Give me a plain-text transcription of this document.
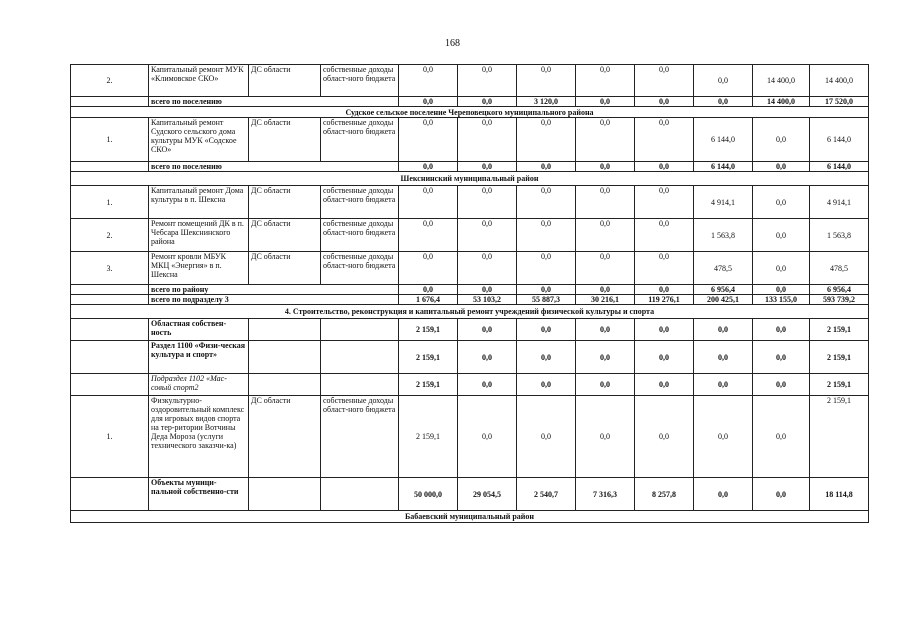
168
2.	Капитальный ремонт МУК «Климовское СКО»	ДС области	собственные доходы област-ного бюджета	0,0	0,0	0,0	0,0	0,0	0,0	14 400,0	14 400,0
	всего по поселению			0,0	0,0	3 120,0	0,0	0,0	0,0	14 400,0	17 520,0
Судское сельское поселение Череповецкого муниципального района											
1.	Капитальный ремонт Судского сельского дома культуры МУК «Содское СКО»	ДС области	собственные доходы област-ного бюджета	0,0	0,0	0,0	0,0	0,0	6 144,0	0,0	6 144,0
	всего по поселению			0,0	0,0	0,0	0,0	0,0	6 144,0	0,0	6 144,0
Шекснинский муниципальный район											
1.	Капитальный ремонт Дома культуры в п. Шексна	ДС области	собственные доходы област-ного бюджета	0,0	0,0	0,0	0,0	0,0	4 914,1	0,0	4 914,1
2.	Ремонт помещений ДК в п. Чебсара Шекснинского района	ДС области	собственные доходы област-ного бюджета	0,0	0,0	0,0	0,0	0,0	1 563,8	0,0	1 563,8
3.	Ремонт кровли МБУК МКЦ «Энергия» в п. Шексна	ДС области	собственные доходы област-ного бюджета	0,0	0,0	0,0	0,0	0,0	478,5	0,0	478,5
	всего по району			0,0	0,0	0,0	0,0	0,0	6 956,4	0,0	6 956,4
	всего по подразделу 3			1 676,4	53 103,2	55 887,3	30 216,1	119 276,1	200 425,1	133 155,0	593 739,2
4. Строительство, реконструкция и капитальный ремонт учреждений физической культуры и спорта											
	Областная собствен-ность			2 159,1	0,0	0,0	0,0	0,0	0,0	0,0	2 159,1
	Раздел 1100 «Физи-ческая культура и спорт»			2 159,1	0,0	0,0	0,0	0,0	0,0	0,0	2 159,1
	Подраздел 1102 «Мас-совый спорт2			2 159,1	0,0	0,0	0,0	0,0	0,0	0,0	2 159,1
1.	Физкультурно-оздоровительный комплекс для игровых видов спорта на тер-ритории Вотчины Деда Мороза (услуги технического заказчи-ка)	ДС области	собственные доходы област-ного бюджета	2 159,1	0,0	0,0	0,0	0,0	0,0	0,0	2 159,1
	Объекты муници-пальной собственно-сти			50 000,0	29 054,5	2 540,7	7 316,3	8 257,8	0,0	0,0	18 114,8
Бабаевский муниципальный район											
